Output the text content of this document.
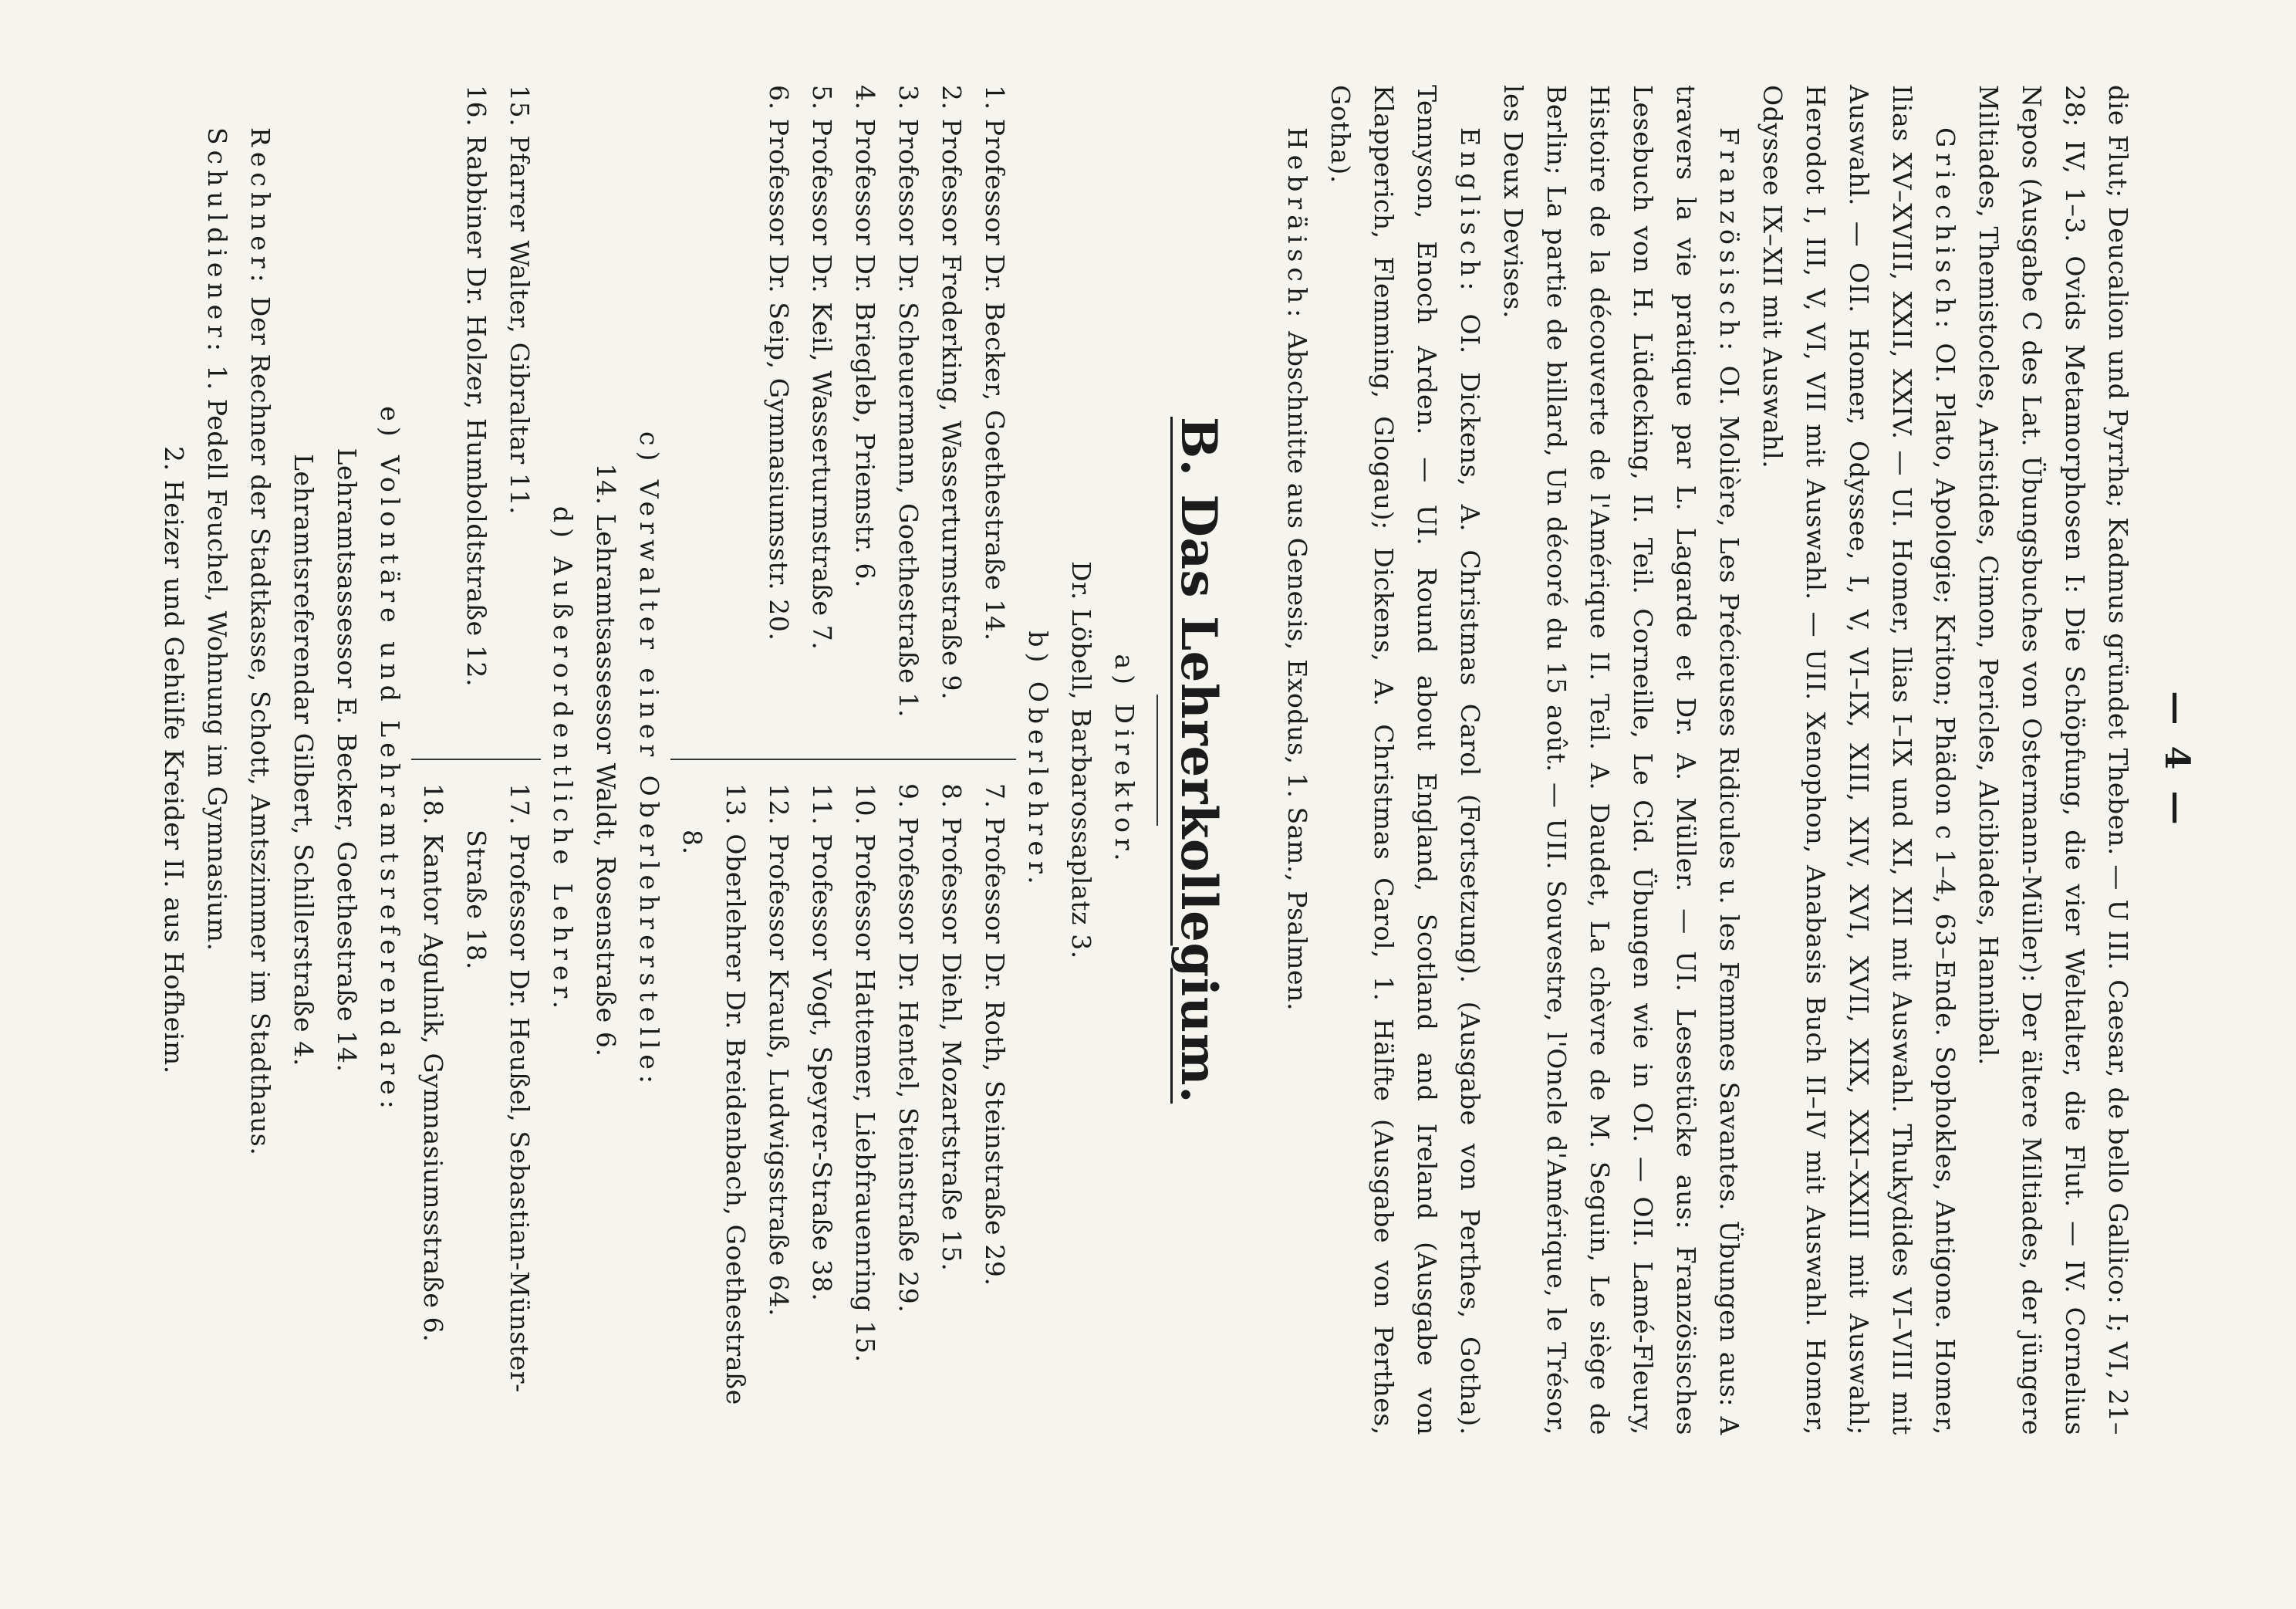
— 4 —

die Flut; Deucalion und Pyrrha; Kadmus gründet Theben. — U III. Caesar, de bello Gallico: I; VI, 21–28; IV, 1–3. Ovids Metamorphosen I: Die Schöpfung, die vier Weltalter, die Flut. — IV. Cornelius Nepos (Ausgabe C des Lat. Übungsbuches von Ostermann-Müller): Der ältere Miltiades, der jüngere Miltiades, Themistocles, Aristides, Cimon, Pericles, Alcibiades, Hannibal.

Griechisch: OI. Plato, Apologie; Kriton; Phädon c 1–4, 63–Ende. Sophokles, Antigone. Homer, Ilias XV–XVIII, XXII, XXIV. — UI. Homer, Ilias I–IX und XI, XII mit Auswahl. Thukydides VI–VIII mit Auswahl. — OII. Homer, Odyssee, I, V, VI–IX, XIII, XIV, XVI, XVII, XIX, XXI–XXIII mit Auswahl; Herodot I, III, V, VI, VII mit Auswahl. — UII. Xenophon, Anabasis Buch II–IV mit Auswahl. Homer, Odyssee IX–XII mit Auswahl.

Französisch: OI. Molière, Les Précieuses Ridicules u. les Femmes Savantes. Übungen aus: A travers la vie pratique par L. Lagarde et Dr. A. Müller. — UI. Lesestücke aus: Französisches Lesebuch von H. Lüdecking, II. Teil. Corneille, Le Cid. Übungen wie in OI. — OII. Lamé-Fleury, Histoire de la découverte de l'Amérique II. Teil. A. Daudet, La chèvre de M. Seguin, Le siège de Berlin; La partie de billard, Un décoré du 15 août. — UII. Souvestre, l'Oncle d'Amérique, le Trésor, les Deux Devises.

Englisch: OI. Dickens, A. Christmas Carol (Fortsetzung). (Ausgabe von Perthes, Gotha). Tennyson, Enoch Arden. — UI. Round about England, Scotland and Ireland (Ausgabe von Klapperich, Flemming, Glogau); Dickens, A. Christmas Carol, 1. Hälfte (Ausgabe von Perthes, Gotha).

Hebräisch: Abschnitte aus Genesis, Exodus, 1. Sam., Psalmen.

B. Das Lehrerkollegium.
a) Direktor.
Dr. Löbell, Barbarossaplatz 3.
b) Oberlehrer.
1. Professor Dr. Becker, Goethestraße 14.
2. Professor Frederking, Wasserturmstraße 9.
3. Professor Dr. Scheuermann, Goethestraße 1.
4. Professor Dr. Briegleb, Priemstr. 6.
5. Professor Dr. Keil, Wasserturmstraße 7.
6. Professor Dr. Seip, Gymnasiumsstr. 20.
7. Professor Dr. Roth, Steinstraße 29.
8. Professor Diehl, Mozartstraße 15.
9. Professor Dr. Hentel, Steinstraße 29.
10. Professor Hattemer, Liebfrauenring 15.
11. Professor Vogt, Speyrer-Straße 38.
12. Professor Krauß, Ludwigsstraße 64.
13. Oberlehrer Dr. Breidenbach, Goethestraße 8.
c) Verwalter einer Oberlehrerstelle:
14. Lehramtsassessor Waldt, Rosenstraße 6.
d) Außerordentliche Lehrer.
15. Pfarrer Walter, Gibraltar 11.
16. Rabbiner Dr. Holzer, Humboldtstraße 12.
17. Professor Dr. Heußel, Sebastian-Münster-Straße 18.
18. Kantor Agulnik, Gymnasiumsstraße 6.
e) Volontäre und Lehramtsreferendare:
Lehramtsassessor E. Becker, Goethestraße 14.
Lehramtsreferendar Gilbert, Schillerstraße 4.

Rechner: Der Rechner der Stadtkasse, Schott, Amtszimmer im Stadthaus.

Schuldiener: 1. Pedell Feuchel, Wohnung im Gymnasium.

2. Heizer und Gehülfe Kreider II. aus Hofheim.
